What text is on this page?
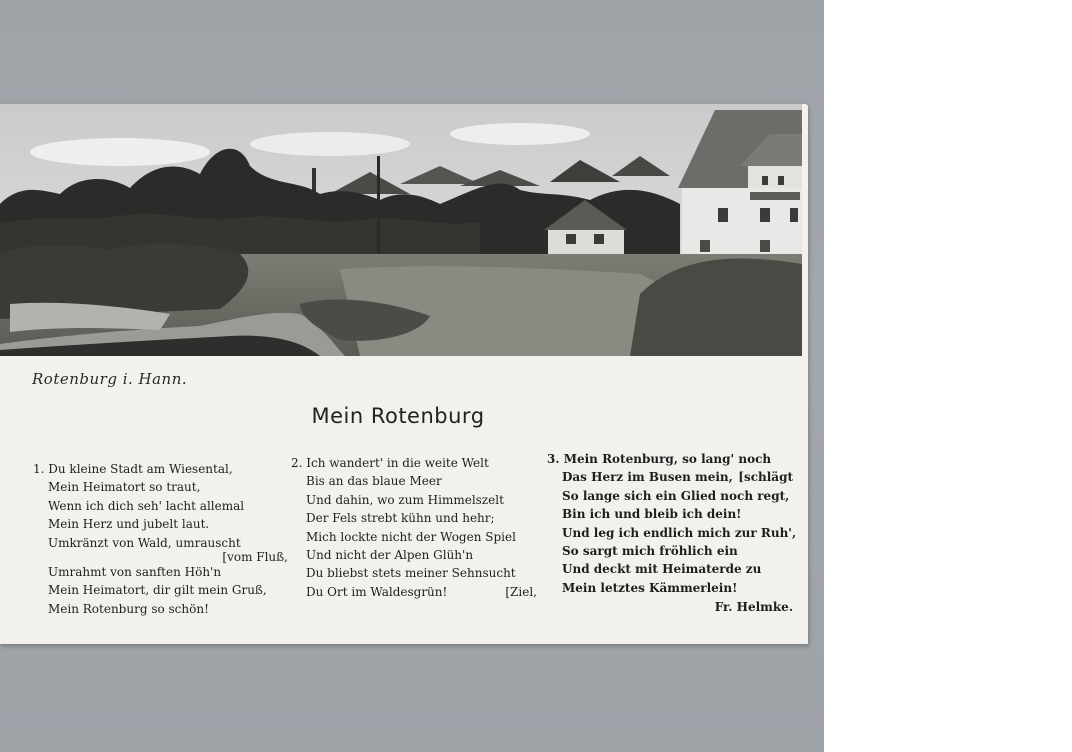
Rotenburg i. Hann.
Mein Rotenburg
1. Du kleine Stadt am Wiesental,
Mein Heimatort so traut,
Wenn ich dich seh' lacht allemal
Mein Herz und jubelt laut.
Umkränzt von Wald, umrauscht
[vom Fluß,
Umrahmt von sanften Höh'n
Mein Heimatort, dir gilt mein Gruß,
Mein Rotenburg so schön!
2. Ich wandert' in die weite Welt
Bis an das blaue Meer
Und dahin, wo zum Himmelszelt
Der Fels strebt kühn und hehr;
Mich lockte nicht der Wogen Spiel
Und nicht der Alpen Glüh'n
Du bliebst stets meiner Sehnsucht
Du Ort im Waldesgrün!	[Ziel,
3. Mein Rotenburg, so lang' noch
Das Herz im Busen mein, [schlägt
So lange sich ein Glied noch regt,
Bin ich und bleib ich dein!
Und leg ich endlich mich zur Ruh',
So sargt mich fröhlich ein
Und deckt mit Heimaterde zu
Mein letztes Kämmerlein!
Fr. Helmke.
